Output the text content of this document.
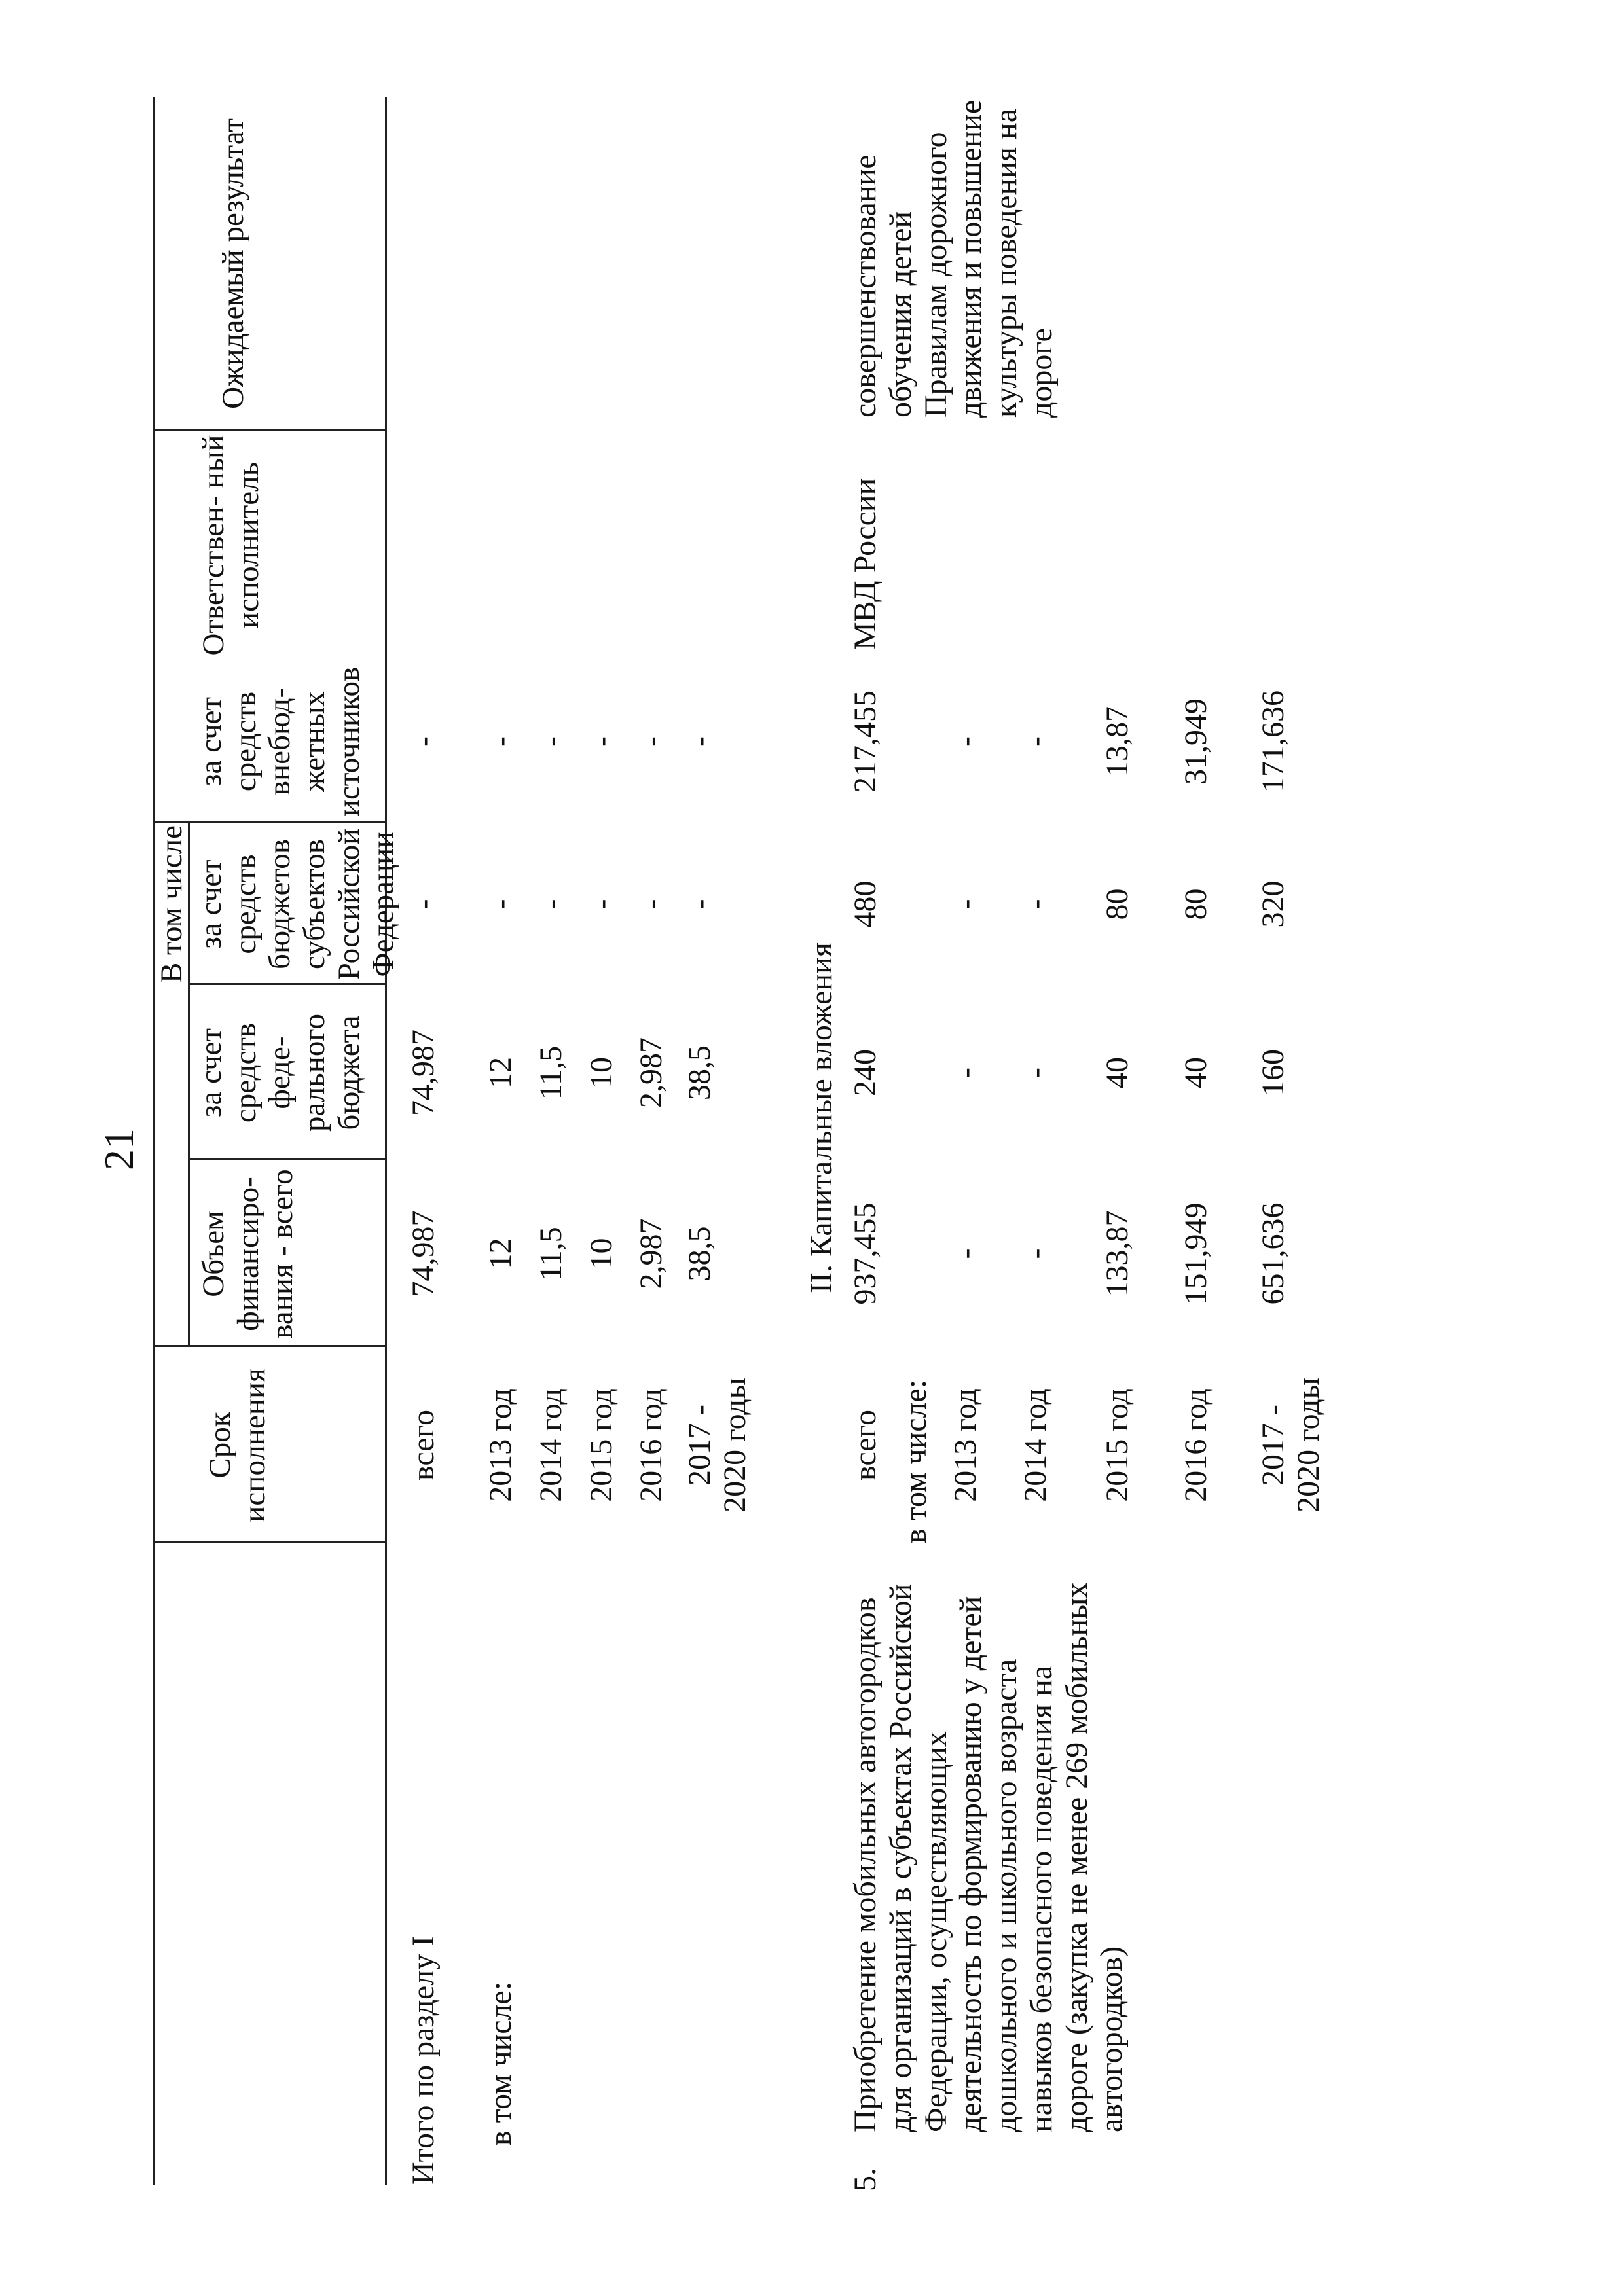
21
Срок исполнения
Объем финансиро- вания - всего
за счет средств феде- рального бюджета
В том числе за счет средств бюджетов субъектов Российской Федерации
за счет средств внебюд- жетных источников
Ответствен- ный исполнитель
Ожидаемый результат
Итого по разделу I в том числе:
всего
74,987
74,987
-
-
2013 год
12
12
-
-
2014 год
11,5
11,5
-
-
2015 год
10
10
-
-
2016 год
2,987
2,987
-
-
2017 - 2020 годы
38,5
38,5
-
-
II. Капитальные вложения
5.
Приобретение мобильных автогородков для организаций в субъектах Российской Федерации, осуществляющих деятельность по формированию у детей дошкольного и школьного возраста навыков безопасного поведения на дороге (закупка не менее 269 мобильных автогородков)
всего
937,455
240
480
217,455
МВД России
совершенствование обучения детей Правилам дорожного движения и повышение культуры поведения на дороге
в том числе: 2013 год
-
-
-
-
2014 год
-
-
-
-
2015 год
133,87
40
80
13,87
2016 год
151,949
40
80
31,949
2017 - 2020 годы
651,636
160
320
171,636
